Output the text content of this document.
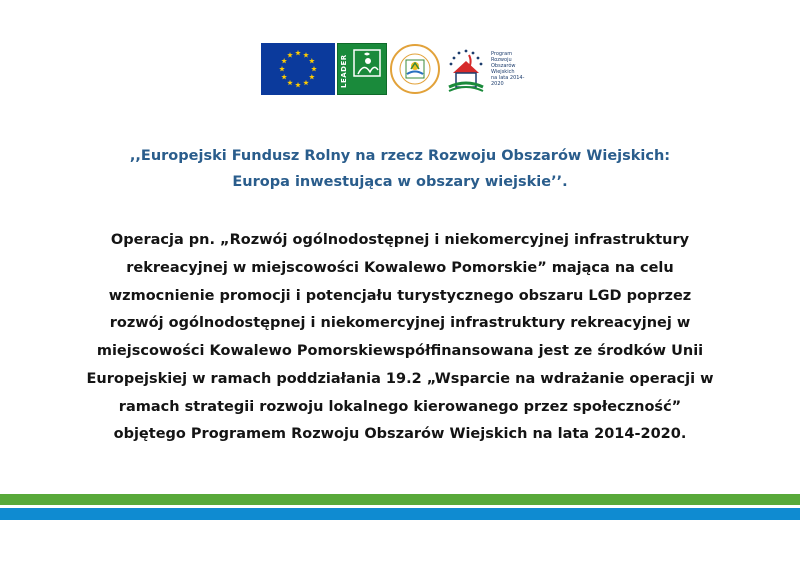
LEADER
Program
Rozwoju
Obszarów
Wiejskich
na lata 2014-2020
,,Europejski Fundusz Rolny na rzecz Rozwoju Obszarów Wiejskich:
Europa inwestująca w obszary wiejskie’’.
Operacja pn. „Rozwój ogólnodostępnej i niekomercyjnej infrastruktury
rekreacyjnej w miejscowości Kowalewo Pomorskie” mająca na celu
wzmocnienie promocji i potencjału turystycznego obszaru LGD poprzez
rozwój ogólnodostępnej i niekomercyjnej infrastruktury rekreacyjnej w
miejscowości Kowalewo Pomorskiewspółfinansowana jest ze środków Unii
Europejskiej w ramach poddziałania 19.2 „Wsparcie na wdrażanie operacji w
ramach strategii rozwoju lokalnego kierowanego przez społeczność”
objętego Programem Rozwoju Obszarów Wiejskich na lata 2014-2020.
